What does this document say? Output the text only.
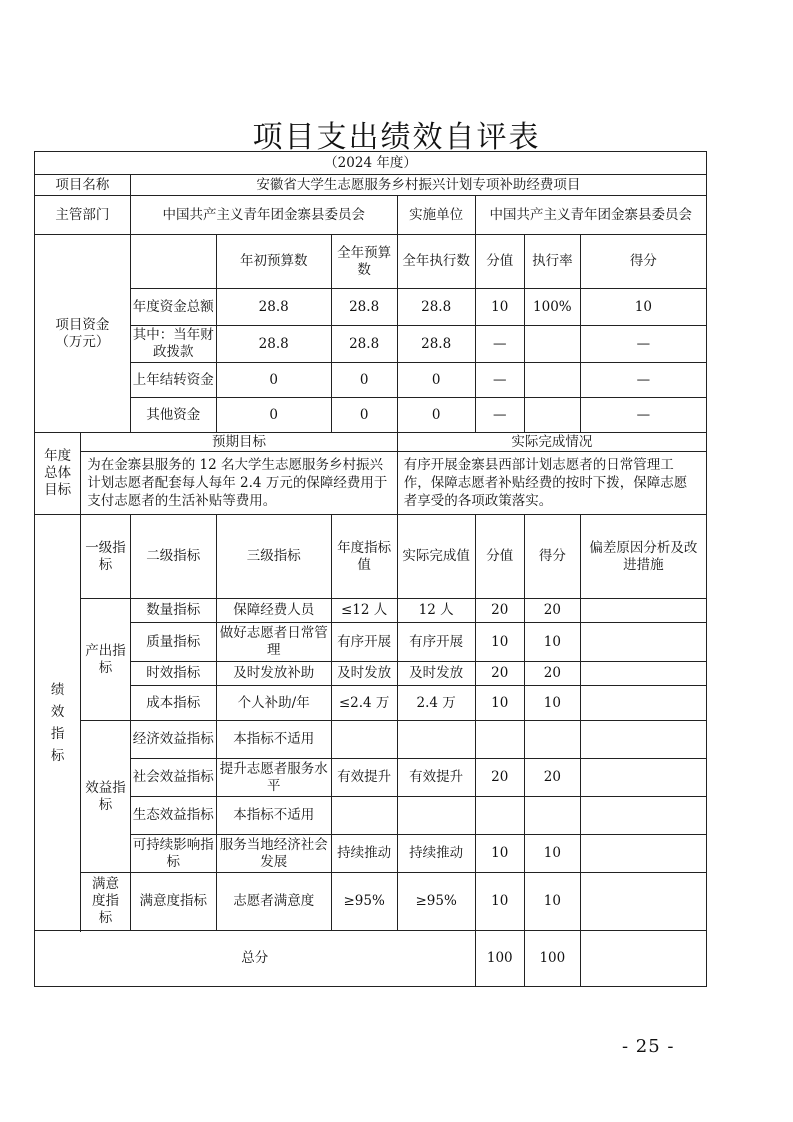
项目支出绩效自评表
（2024 年度）								
项目名称		安徽省大学生志愿服务乡村振兴计划专项补助经费项目						
主管部门		中国共产主义青年团金寨县委员会			实施单位	中国共产主义青年团金寨县委员会		
项目资金
（万元）			年初预算数	全年预算数	全年执行数	分值	执行率	得分
		年度资金总额	28.8	28.8	28.8	10	100%	10
		其中：当年财政拨款	28.8	28.8	28.8	—		—
		上年结转资金	0	0	0	—		—
		其他资金	0	0	0	—		—
年度
总体
目标	预期目标				实际完成情况			
	为在金寨县服务的 12 名大学生志愿服务乡村振兴计划志愿者配套每人每年 2.4 万元的保障经费用于支付志愿者的生活补贴等费用。				有序开展金寨县西部计划志愿者的日常管理工作，保障志愿者补贴经费的按时下拨，保障志愿者享受的各项政策落实。			
绩
效
指
标	一级指标	二级指标	三级指标	年度指标值	实际完成值	分值	得分	偏差原因分析及改进措施
	产出指标	数量指标	保障经费人员	≤12 人	12 人	20	20	
		质量指标	做好志愿者日常管理	有序开展	有序开展	10	10	
		时效指标	及时发放补助	及时发放	及时发放	20	20	
		成本指标	个人补助/年	≤2.4 万	2.4 万	10	10	
	效益指标	经济效益指标	本指标不适用					
		社会效益指标	提升志愿者服务水平	有效提升	有效提升	20	20	
		生态效益指标	本指标不适用					
		可持续影响指标	服务当地经济社会发展	持续推动	持续推动	10	10	
	满意
度指
标	满意度指标	志愿者满意度	≥95%	≥95%	10	10	

总分						100	100	
- 25 -
